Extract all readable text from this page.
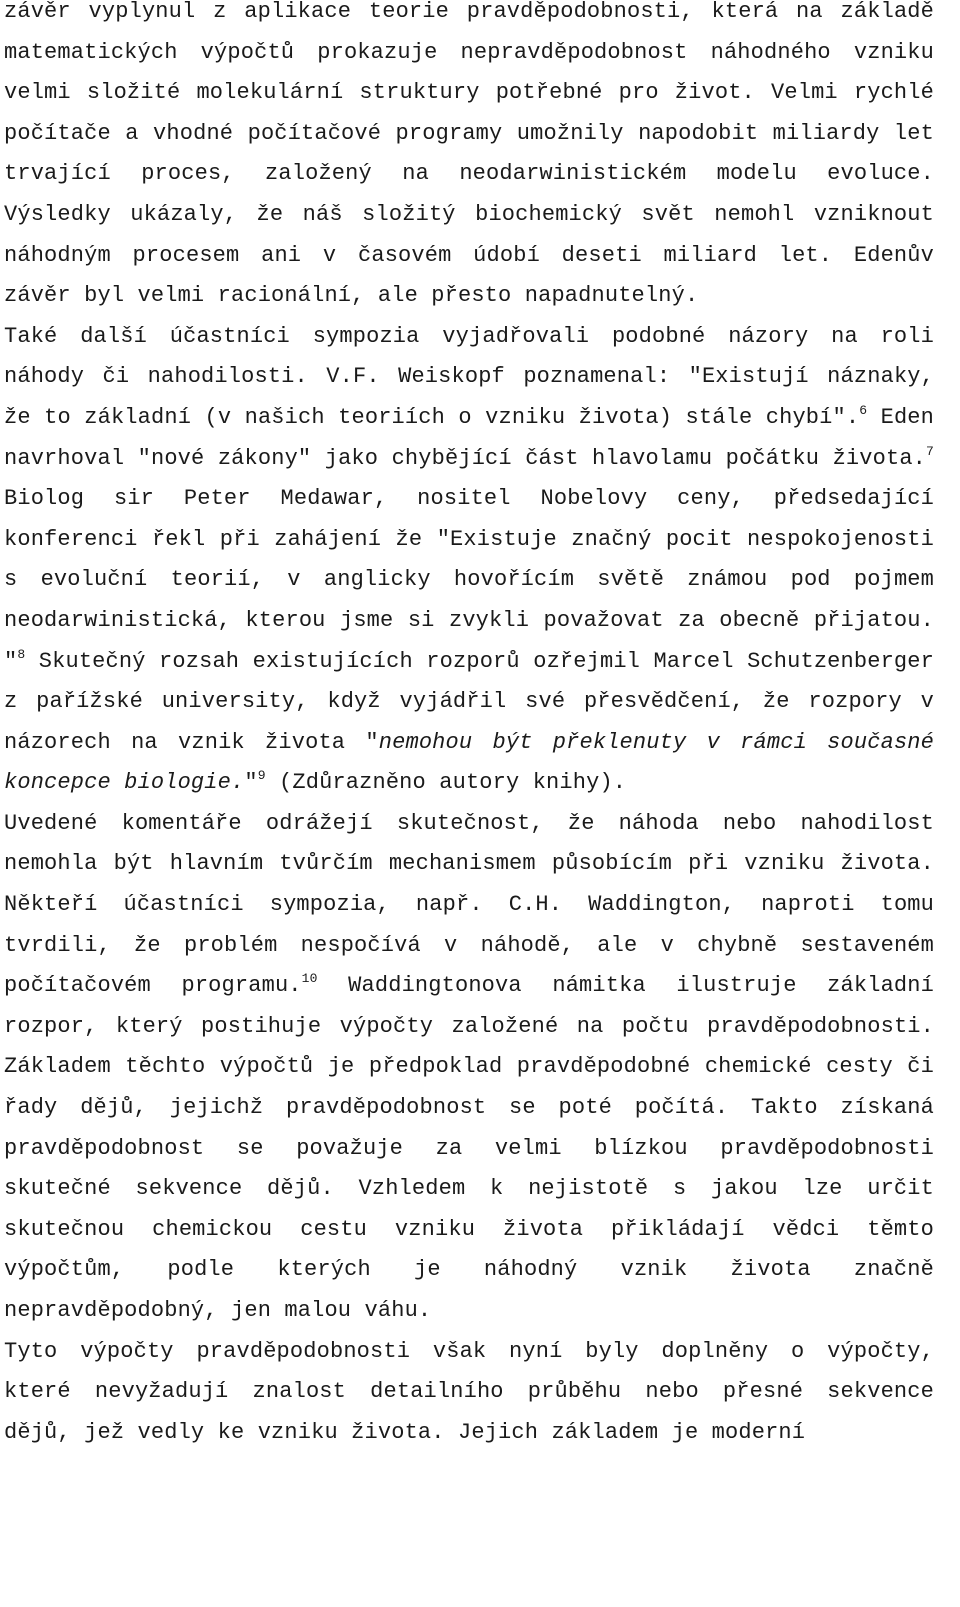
závěr vyplynul z aplikace teorie pravděpodobnosti, která na základě matematických výpočtů prokazuje nepravděpodobnost náhodného vzniku velmi složité molekulární struktury potřebné pro život. Velmi rychlé počítače a vhodné počítačové programy umožnily napodobit miliardy let trvající proces, založený na neodarwinistickém modelu evoluce. Výsledky ukázaly, že náš složitý biochemický svět nemohl vzniknout náhodným procesem ani v časovém údobí deseti miliard let. Edenův závěr byl velmi racionální, ale přesto napadnutelný.

Také další účastníci sympozia vyjadřovali podobné názory na roli náhody či nahodilosti. V.F. Weiskopf poznamenal: "Existují náznaky, že to základní (v našich teoriích o vzniku života) stále chybí".$^6$ Eden navrhoval "nové zákony" jako chybějící část hlavolamu počátku života.$^7$ Biolog sir Peter Medawar, nositel Nobelovy ceny, předsedající konferenci řekl při zahájení že "Existuje značný pocit nespokojenosti s evoluční teorií, v anglicky hovořícím světě známou pod pojmem neodarwinistická, kterou jsme si zvykli považovat za obecně přijatou. "$^8$ Skutečný rozsah existujících rozporů ozřejmil Marcel Schutzenberger z pařížské university, když vyjádřil své přesvědčení, že rozpory v názorech na vznik života "nemohou být překlenuty v rámci současné koncepce biologie."$^9$ (Zdůrazněno autory knihy).

Uvedené komentáře odrážejí skutečnost, že náhoda nebo nahodilost nemohla být hlavním tvůrčím mechanismem působícím při vzniku života. Někteří účastníci sympozia, např. C.H. Waddington, naproti tomu tvrdili, že problém nespočívá v náhodě, ale v chybně sestaveném počítačovém programu.$^{10}$ Waddingtonova námitka ilustruje základní rozpor, který postihuje výpočty založené na počtu pravděpodobnosti. Základem těchto výpočtů je předpoklad pravděpodobné chemické cesty či řady dějů, jejichž pravděpodobnost se poté počítá. Takto získaná pravděpodobnost se považuje za velmi blízkou pravděpodobnosti skutečné sekvence dějů. Vzhledem k nejistotě s jakou lze určit skutečnou chemickou cestu vzniku života přikládají vědci těmto výpočtům, podle kterých je náhodný vznik života značně nepravděpodobný, jen malou váhu.

Tyto výpočty pravděpodobnosti však nyní byly doplněny o výpočty, které nevyžadují znalost detailního průběhu nebo přesné sekvence dějů, jež vedly ke vzniku života. Jejich základem je moderní
